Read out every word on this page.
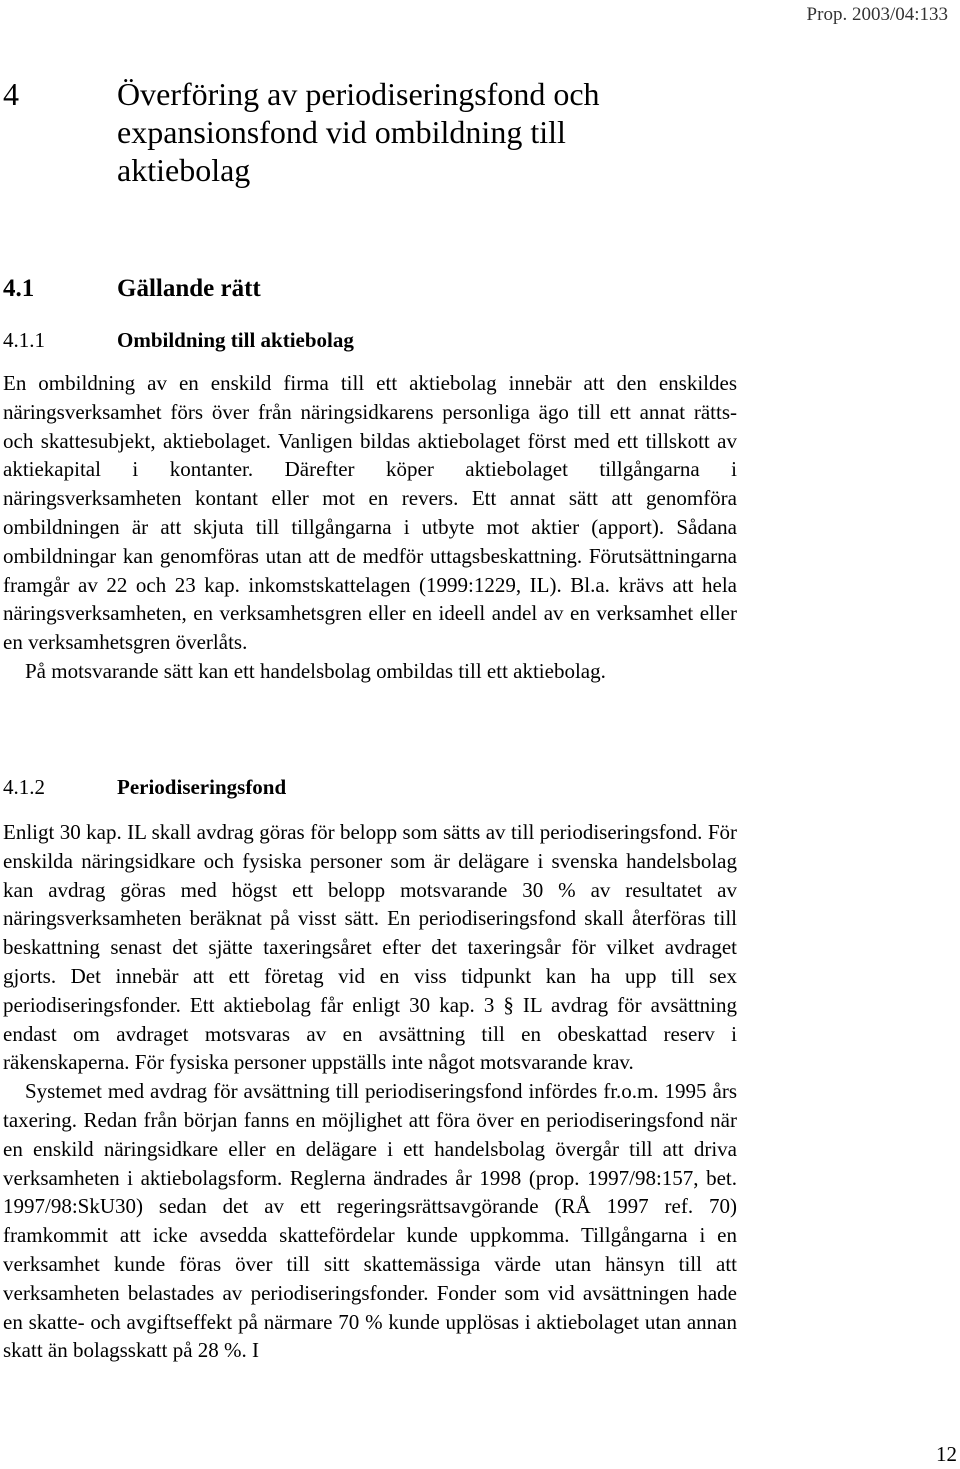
Prop. 2003/04:133
4	Överföring av periodiseringsfond och expansionsfond vid ombildning till aktiebolag
4.1	Gällande rätt
4.1.1	Ombildning till aktiebolag

En ombildning av en enskild firma till ett aktiebolag innebär att den enskildes näringsverksamhet förs över från näringsidkarens personliga ägo till ett annat rätts- och skattesubjekt, aktiebolaget. Vanligen bildas aktiebolaget först med ett tillskott av aktiekapital i kontanter. Därefter köper aktiebolaget tillgångarna i näringsverksamheten kontant eller mot en revers. Ett annat sätt att genomföra ombildningen är att skjuta till tillgångarna i utbyte mot aktier (apport). Sådana ombildningar kan genomföras utan att de medför uttagsbeskattning. Förutsättningarna framgår av 22 och 23 kap. inkomstskattelagen (1999:1229, IL). Bl.a. krävs att hela näringsverksamheten, en verksamhetsgren eller en ideell andel av en verksamhet eller en verksamhetsgren överlåts.

På motsvarande sätt kan ett handelsbolag ombildas till ett aktiebolag.

4.1.2	Periodiseringsfond

Enligt 30 kap. IL skall avdrag göras för belopp som sätts av till periodiseringsfond. För enskilda näringsidkare och fysiska personer som är delägare i svenska handelsbolag kan avdrag göras med högst ett belopp motsvarande 30 % av resultatet av näringsverksamheten beräknat på visst sätt. En periodiseringsfond skall återföras till beskattning senast det sjätte taxeringsåret efter det taxeringsår för vilket avdraget gjorts. Det innebär att ett företag vid en viss tidpunkt kan ha upp till sex periodiseringsfonder. Ett aktiebolag får enligt 30 kap. 3 § IL avdrag för avsättning endast om avdraget motsvaras av en avsättning till en obeskattad reserv i räkenskaperna. För fysiska personer uppställs inte något motsvarande krav.

Systemet med avdrag för avsättning till periodiseringsfond infördes fr.o.m. 1995 års taxering. Redan från början fanns en möjlighet att föra över en periodiseringsfond när en enskild näringsidkare eller en delägare i ett handelsbolag övergår till att driva verksamheten i aktiebolagsform. Reglerna ändrades år 1998 (prop. 1997/98:157, bet. 1997/98:SkU30) sedan det av ett regeringsrättsavgörande (RÅ 1997 ref. 70) framkommit att icke avsedda skattefördelar kunde uppkomma. Tillgångarna i en verksamhet kunde föras över till sitt skattemässiga värde utan hänsyn till att verksamheten belastades av periodiseringsfonder. Fonder som vid avsättningen hade en skatte- och avgiftseffekt på närmare 70 % kunde upplösas i aktiebolaget utan annan skatt än bolagsskatt på 28 %. I

12
